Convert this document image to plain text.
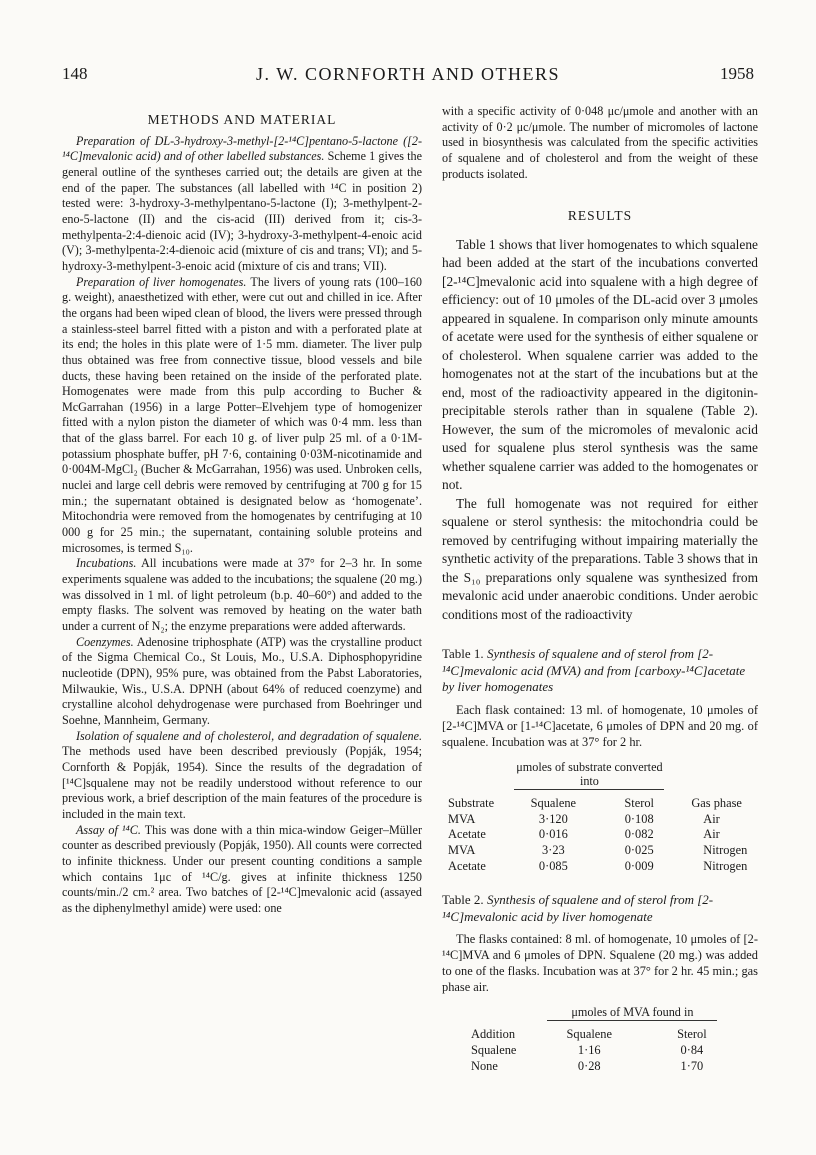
148	J. W. CORNFORTH AND OTHERS	1958
METHODS AND MATERIAL

Preparation of DL-3-hydroxy-3-methyl-[2-¹⁴C]pentano-5-lactone ([2-¹⁴C]mevalonic acid) and of other labelled substances. Scheme 1 gives the general outline of the syntheses carried out; the details are given at the end of the paper. The substances (all labelled with ¹⁴C in position 2) tested were: 3-hydroxy-3-methylpentano-5-lactone (I); 3-methylpent-2-eno-5-lactone (II) and the cis-acid (III) derived from it; cis-3-methylpenta-2:4-dienoic acid (IV); 3-hydroxy-3-methylpent-4-enoic acid (V); 3-methylpenta-2:4-dienoic acid (mixture of cis and trans; VI); and 5-hydroxy-3-methylpent-3-enoic acid (mixture of cis and trans; VII).

Preparation of liver homogenates. The livers of young rats (100–160 g. weight), anaesthetized with ether, were cut out and chilled in ice. After the organs had been wiped clean of blood, the livers were pressed through a stainless-steel barrel fitted with a piston and with a perforated plate at its end; the holes in this plate were of 1·5 mm. diameter. The liver pulp thus obtained was free from connective tissue, blood vessels and bile ducts, these having been retained on the inside of the perforated plate. Homogenates were made from this pulp according to Bucher & McGarrahan (1956) in a large Potter–Elvehjem type of homogenizer fitted with a nylon piston the diameter of which was 0·4 mm. less than that of the glass barrel. For each 10 g. of liver pulp 25 ml. of a 0·1M-potassium phosphate buffer, pH 7·6, containing 0·03M-nicotinamide and 0·004M-MgCl₂ (Bucher & McGarrahan, 1956) was used. Unbroken cells, nuclei and large cell debris were removed by centrifuging at 700 g for 15 min.; the supernatant obtained is designated below as ‘homogenate’. Mitochondria were removed from the homogenates by centrifuging at 10 000 g for 25 min.; the supernatant, containing soluble proteins and microsomes, is termed S₁₀.

Incubations. All incubations were made at 37° for 2–3 hr. In some experiments squalene was added to the incubations; the squalene (20 mg.) was dissolved in 1 ml. of light petroleum (b.p. 40–60°) and added to the empty flasks. The solvent was removed by heating on the water bath under a current of N₂; the enzyme preparations were added afterwards.

Coenzymes. Adenosine triphosphate (ATP) was the crystalline product of the Sigma Chemical Co., St Louis, Mo., U.S.A. Diphosphopyridine nucleotide (DPN), 95% pure, was obtained from the Pabst Laboratories, Milwaukie, Wis., U.S.A. DPNH (about 64% of reduced coenzyme) and crystalline alcohol dehydrogenase were purchased from Boehringer und Soehne, Mannheim, Germany.

Isolation of squalene and of cholesterol, and degradation of squalene. The methods used have been described previously (Popják, 1954; Cornforth & Popják, 1954). Since the results of the degradation of [¹⁴C]squalene may not be readily understood without reference to our previous work, a brief description of the main features of the procedure is included in the main text.

Assay of ¹⁴C. This was done with a thin mica-window Geiger–Müller counter as described previously (Popják, 1950). All counts were corrected to infinite thickness. Under our present counting conditions a sample which contains 1μc of ¹⁴C/g. gives at infinite thickness 1250 counts/min./2 cm.² area. Two batches of [2-¹⁴C]mevalonic acid (assayed as the diphenylmethyl amide) were used: one

with a specific activity of 0·048 μc/μmole and another with an activity of 0·2 μc/μmole. The number of micromoles of lactone used in biosynthesis was calculated from the specific activities of squalene and of cholesterol and from the weight of these products isolated.

RESULTS

Table 1 shows that liver homogenates to which squalene had been added at the start of the incubations converted [2-¹⁴C]mevalonic acid into squalene with a high degree of efficiency: out of 10 μmoles of the DL-acid over 3 μmoles appeared in squalene. In comparison only minute amounts of acetate were used for the synthesis of either squalene or of cholesterol. When squalene carrier was added to the homogenates not at the start of the incubations but at the end, most of the radioactivity appeared in the digitonin-precipitable sterols rather than in squalene (Table 2). However, the sum of the micromoles of mevalonic acid used for squalene plus sterol synthesis was the same whether squalene carrier was added to the homogenates or not.

The full homogenate was not required for either squalene or sterol synthesis: the mitochondria could be removed by centrifuging without impairing materially the synthetic activity of the preparations. Table 3 shows that in the S₁₀ preparations only squalene was synthesized from mevalonic acid under anaerobic conditions. Under aerobic conditions most of the radioactivity

Table 1. Synthesis of squalene and of sterol from [2-¹⁴C]mevalonic acid (MVA) and from [carboxy-¹⁴C]acetate by liver homogenates

Each flask contained: 13 ml. of homogenate, 10 μmoles of [2-¹⁴C]MVA or [1-¹⁴C]acetate, 6 μmoles of DPN and 20 mg. of squalene. Incubation was at 37° for 2 hr.

	μmoles of substrate converted into		

Substrate	Squalene	Sterol	Gas phase
MVA	3·120	0·108	Air
Acetate	0·016	0·082	Air
MVA	3·23	0·025	Nitrogen
Acetate	0·085	0·009	Nitrogen

Table 2. Synthesis of squalene and of sterol from [2-¹⁴C]mevalonic acid by liver homogenate

The flasks contained: 8 ml. of homogenate, 10 μmoles of [2-¹⁴C]MVA and 6 μmoles of DPN. Squalene (20 mg.) was added to one of the flasks. Incubation was at 37° for 2 hr. 45 min.; gas phase air.

	μmoles of MVA found in	

Addition	Squalene	Sterol
Squalene	1·16	0·84
None	0·28	1·70
